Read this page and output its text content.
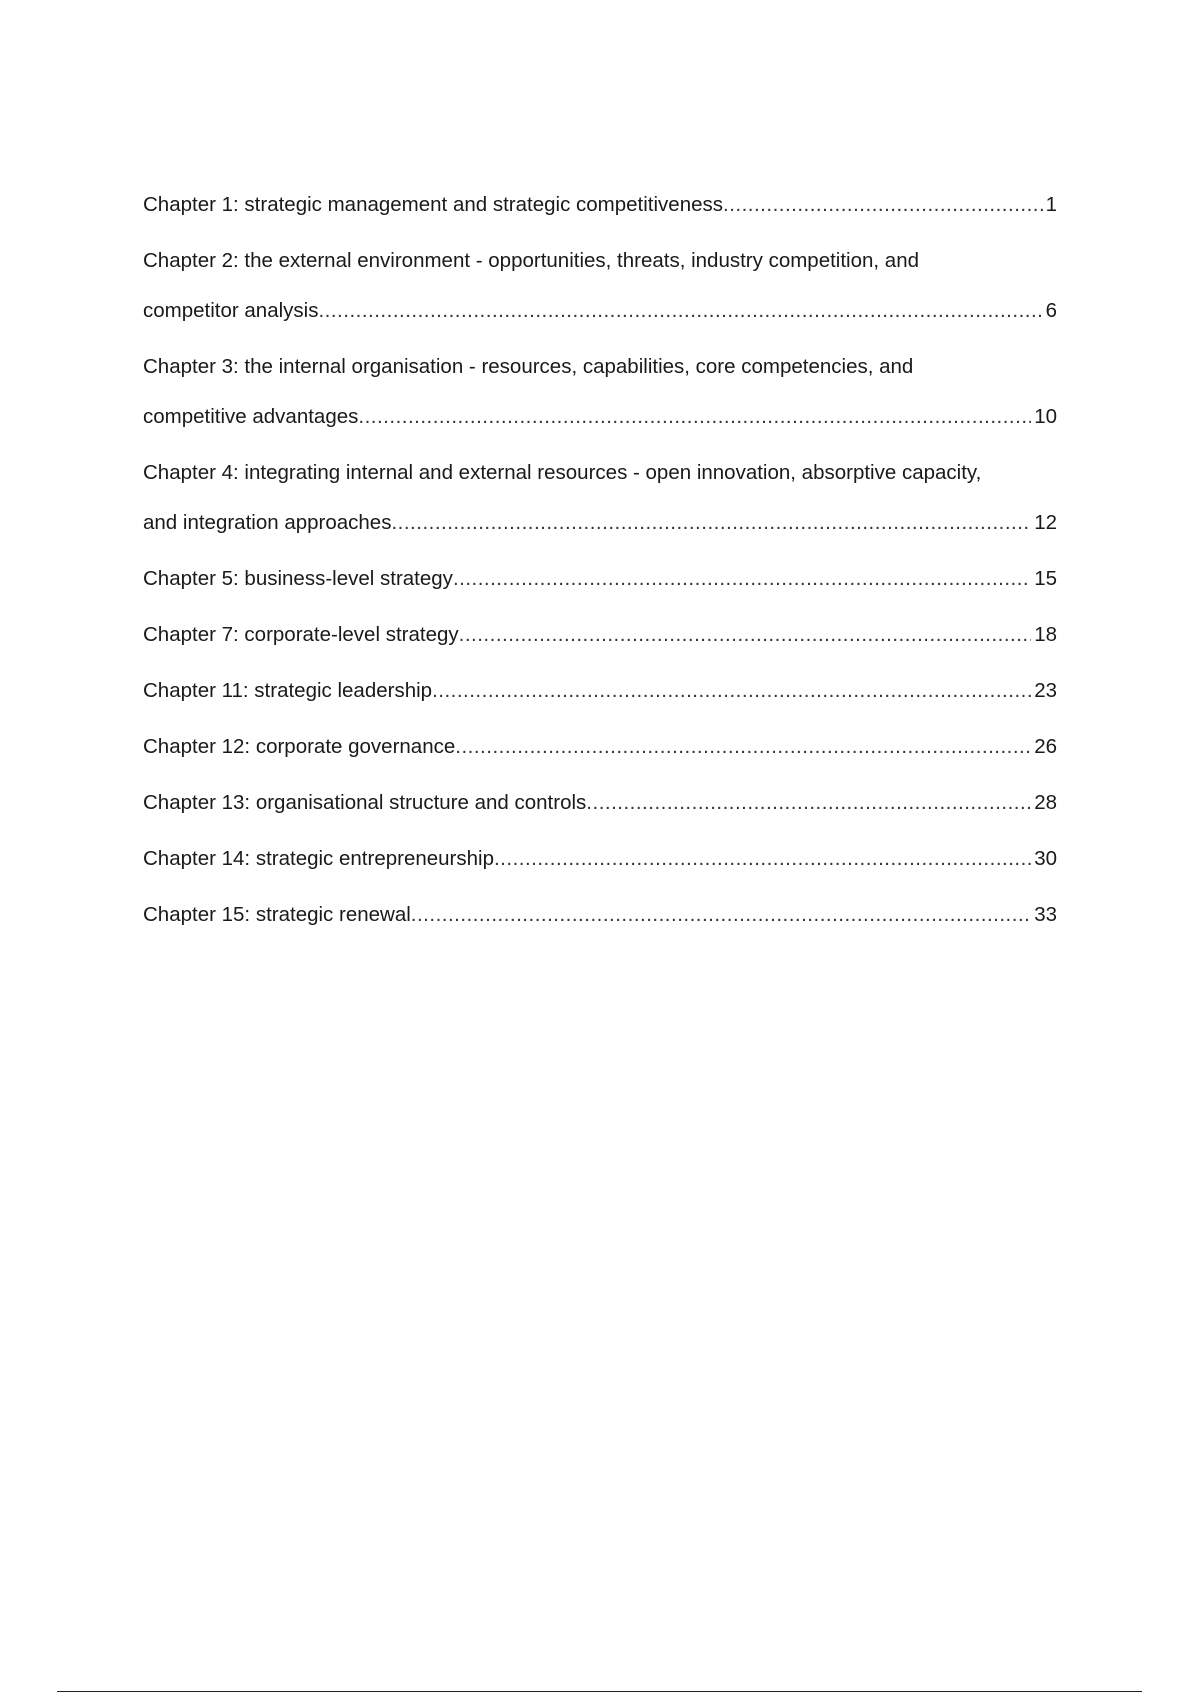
Chapter 1: strategic management and strategic competitiveness .....	1
Chapter 2: the external environment - opportunities, threats, industry competition, and
competitor analysis .....	6
Chapter 3: the internal organisation - resources, capabilities, core competencies, and
competitive advantages .....	10
Chapter 4: integrating internal and external resources - open innovation, absorptive capacity,
and integration approaches .....	12
Chapter 5: business-level strategy .....	15
Chapter 7: corporate-level strategy .....	18
Chapter 11: strategic leadership .....	23
Chapter 12: corporate governance .....	26
Chapter 13: organisational structure and controls .....	28
Chapter 14: strategic entrepreneurship .....	30
Chapter 15: strategic renewal .....	33
